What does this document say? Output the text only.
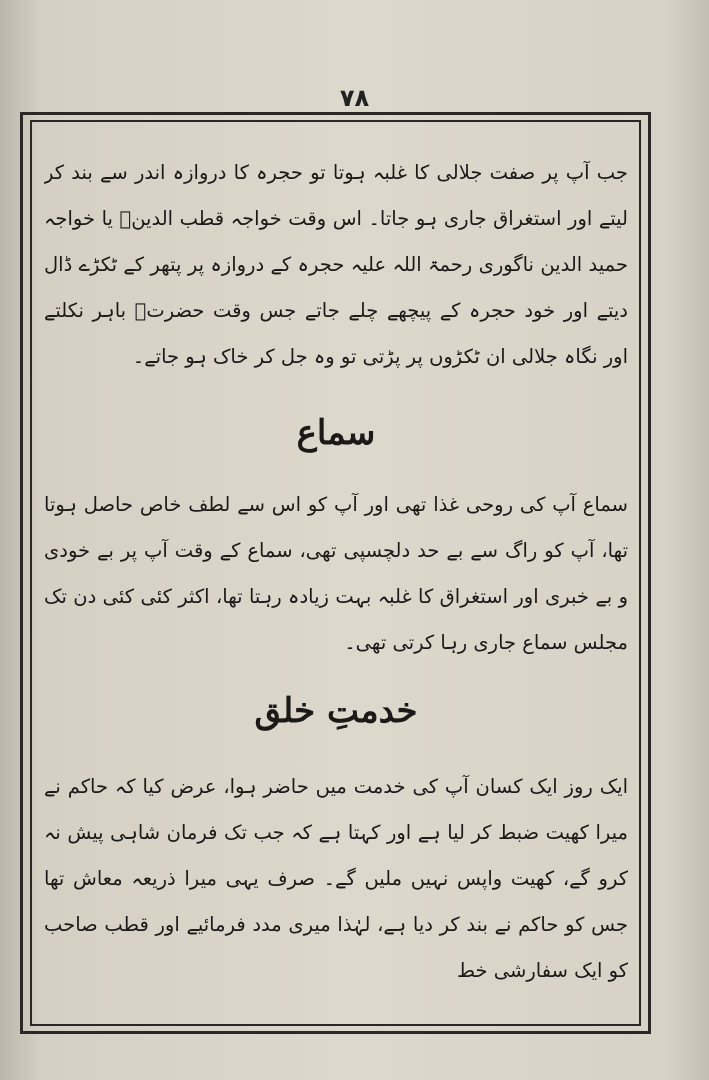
۷۸

جب آپ پر صفت جلالی کا غلبہ ہوتا تو حجرہ کا دروازہ اندر سے بند کر لیتے اور استغراق جاری ہو جاتا۔ اس وقت خواجہ قطب الدینؒ یا خواجہ حمید الدین ناگوری رحمۃ اللہ علیہ حجرہ کے دروازہ پر پتھر کے ٹکڑے ڈال دیتے اور خود حجرہ کے پیچھے چلے جاتے جس وقت حضرتؒ باہر نکلتے اور نگاہ جلالی ان ٹکڑوں پر پڑتی تو وہ جل کر خاک ہو جاتے۔

سماع

سماع آپ کی روحی غذا تھی اور آپ کو اس سے لطف خاص حاصل ہوتا تھا، آپ کو راگ سے بے حد دلچسپی تھی، سماع کے وقت آپ پر بے خودی و بے خبری اور استغراق کا غلبہ بہت زیادہ رہتا تھا، اکثر کئی کئی دن تک مجلس سماع جاری رہا کرتی تھی۔

خدمتِ خلق

ایک روز ایک کسان آپ کی خدمت میں حاضر ہوا، عرض کیا کہ حاکم نے میرا کھیت ضبط کر لیا ہے اور کہتا ہے کہ جب تک فرمان شاہی پیش نہ کرو گے، کھیت واپس نہیں ملیں گے۔ صرف یہی میرا ذریعہ معاش تھا جس کو حاکم نے بند کر دیا ہے، لہٰذا میری مدد فرمائیے اور قطب صاحب کو ایک سفارشی خط
